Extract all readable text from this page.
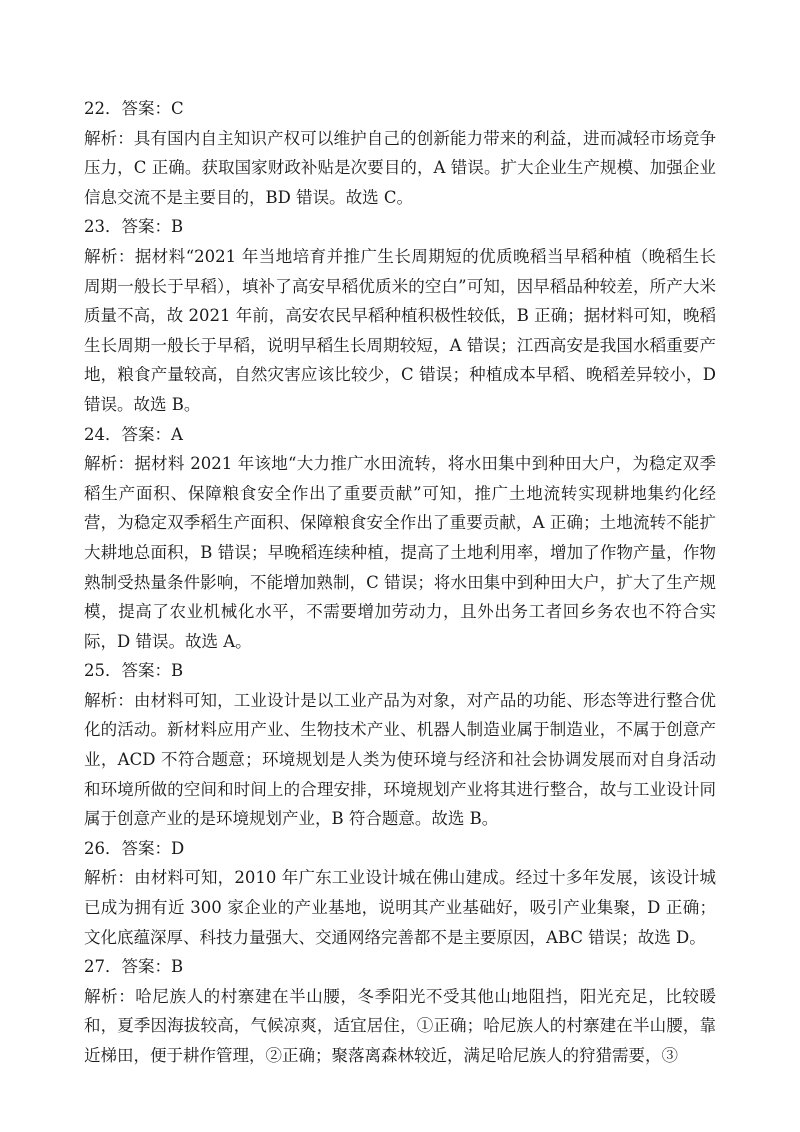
22．答案：C
解析：具有国内自主知识产权可以维护自己的创新能力带来的利益，进而减轻市场竞争压力，C 正确。获取国家财政补贴是次要目的，A 错误。扩大企业生产规模、加强企业信息交流不是主要目的，BD 错误。故选 C。
23．答案：B
解析：据材料“2021 年当地培育并推广生长周期短的优质晚稻当早稻种植（晚稻生长周期一般长于早稻），填补了高安早稻优质米的空白”可知，因早稻品种较差，所产大米质量不高，故 2021 年前，高安农民早稻种植积极性较低，B 正确；据材料可知，晚稻生长周期一般长于早稻，说明早稻生长周期较短，A 错误；江西高安是我国水稻重要产地，粮食产量较高，自然灾害应该比较少，C 错误；种植成本早稻、晚稻差异较小，D 错误。故选 B。
24．答案：A
解析：据材料 2021 年该地“大力推广水田流转，将水田集中到种田大户，为稳定双季稻生产面积、保障粮食安全作出了重要贡献”可知，推广土地流转实现耕地集约化经营，为稳定双季稻生产面积、保障粮食安全作出了重要贡献，A 正确；土地流转不能扩大耕地总面积，B 错误；早晚稻连续种植，提高了土地利用率，增加了作物产量，作物熟制受热量条件影响，不能增加熟制，C 错误；将水田集中到种田大户，扩大了生产规模，提高了农业机械化水平，不需要增加劳动力，且外出务工者回乡务农也不符合实际，D 错误。故选 A。
25．答案：B
解析：由材料可知，工业设计是以工业产品为对象，对产品的功能、形态等进行整合优化的活动。新材料应用产业、生物技术产业、机器人制造业属于制造业，不属于创意产业，ACD 不符合题意；环境规划是人类为使环境与经济和社会协调发展而对自身活动和环境所做的空间和时间上的合理安排，环境规划产业将其进行整合，故与工业设计同属于创意产业的是环境规划产业，B 符合题意。故选 B。
26．答案：D
解析：由材料可知，2010 年广东工业设计城在佛山建成。经过十多年发展，该设计城已成为拥有近 300 家企业的产业基地，说明其产业基础好，吸引产业集聚，D 正确；文化底蕴深厚、科技力量强大、交通网络完善都不是主要原因，ABC 错误；故选 D。
27．答案：B
解析：哈尼族人的村寨建在半山腰，冬季阳光不受其他山地阻挡，阳光充足，比较暖和，夏季因海拔较高，气候凉爽，适宜居住，①正确；哈尼族人的村寨建在半山腰，靠近梯田，便于耕作管理，②正确；聚落离森林较近，满足哈尼族人的狩猎需要，③
